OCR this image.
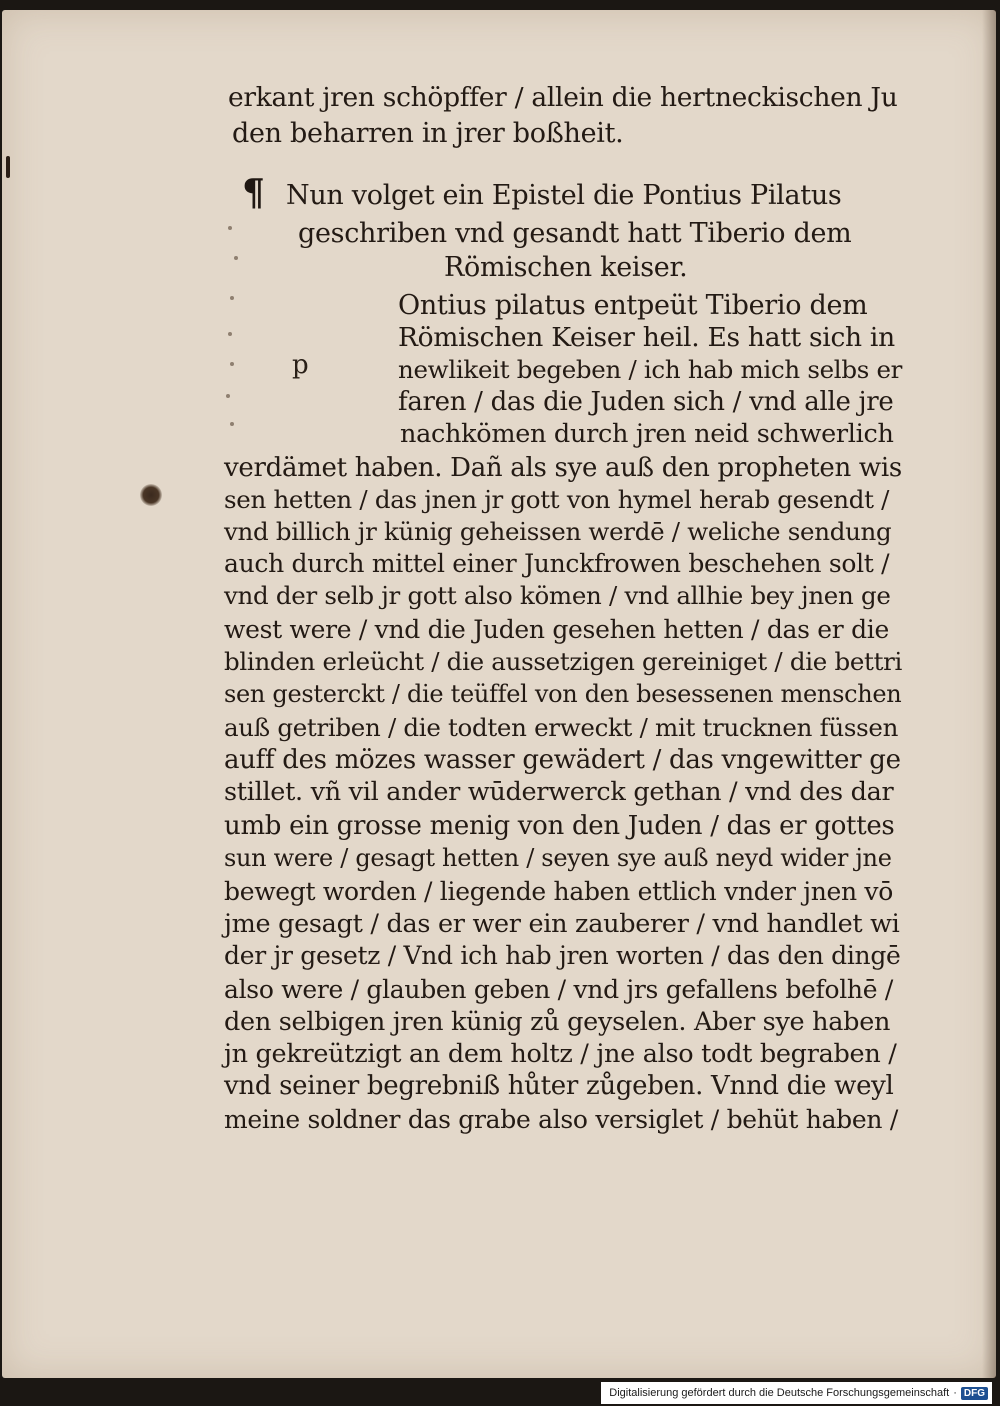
erkant jren schöpffer / allein die hertneckischen Ju
den beharren in jrer boßheit.
¶ Nun volget ein Epistel die Pontius Pilatus
geschriben vnd gesandt hatt Tiberio dem
Römischen keiser.
p
Ontius pilatus entpeüt Tiberio dem
Römischen Keiser heil. Es hatt sich in
newlikeit begeben / ich hab mich selbs er
faren / das die Juden sich / vnd alle jre
nachkömen durch jren neid schwerlich
verdämet haben. Dañ als sye auß den propheten wis
sen hetten / das jnen jr gott von hymel herab gesendt /
vnd billich jr künig geheissen werdē / weliche sendung
auch durch mittel einer Junckfrowen beschehen solt /
vnd der selb jr gott also kömen / vnd allhie bey jnen ge
west were / vnd die Juden gesehen hetten / das er die
blinden erleücht / die aussetzigen gereiniget / die bettri
sen gesterckt / die teüffel von den besessenen menschen
auß getriben / die todten erweckt / mit trucknen füssen
auff des mözes wasser gewädert / das vngewitter ge
stillet. vñ vil ander wūderwerck gethan / vnd des dar
umb ein grosse menig von den Juden / das er gottes
sun were / gesagt hetten / seyen sye auß neyd wider jne
bewegt worden / liegende haben ettlich vnder jnen vō
jme gesagt / das er wer ein zauberer / vnd handlet wi
der jr gesetz / Vnd ich hab jren worten / das den dingē
also were / glauben geben / vnd jrs gefallens befolhē /
den selbigen jren künig zů geyselen. Aber sye haben
jn gekreützigt an dem holtz / jne also todt begraben /
vnd seiner begrebniß hůter zůgeben. Vnnd die weyl
meine soldner das grabe also versiglet / behüt haben /
Digitalisierung gefördert durch die Deutsche Forschungsgemeinschaft · DFG
